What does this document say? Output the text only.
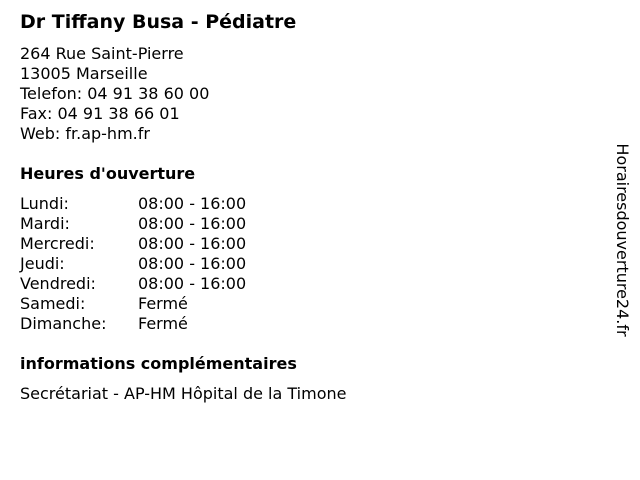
Dr Tiffany Busa - Pédiatre
264 Rue Saint-Pierre
13005 Marseille
Telefon: 04 91 38 60 00
Fax: 04 91 38 66 01
Web: fr.ap-hm.fr
Heures d'ouverture
Lundi:	08:00 - 16:00
Mardi:	08:00 - 16:00
Mercredi:	08:00 - 16:00
Jeudi:	08:00 - 16:00
Vendredi:	08:00 - 16:00
Samedi:	Fermé
Dimanche: Fermé
informations complémentaires
Secrétariat - AP-HM Hôpital de la Timone
Horairesdouverture24.fr
